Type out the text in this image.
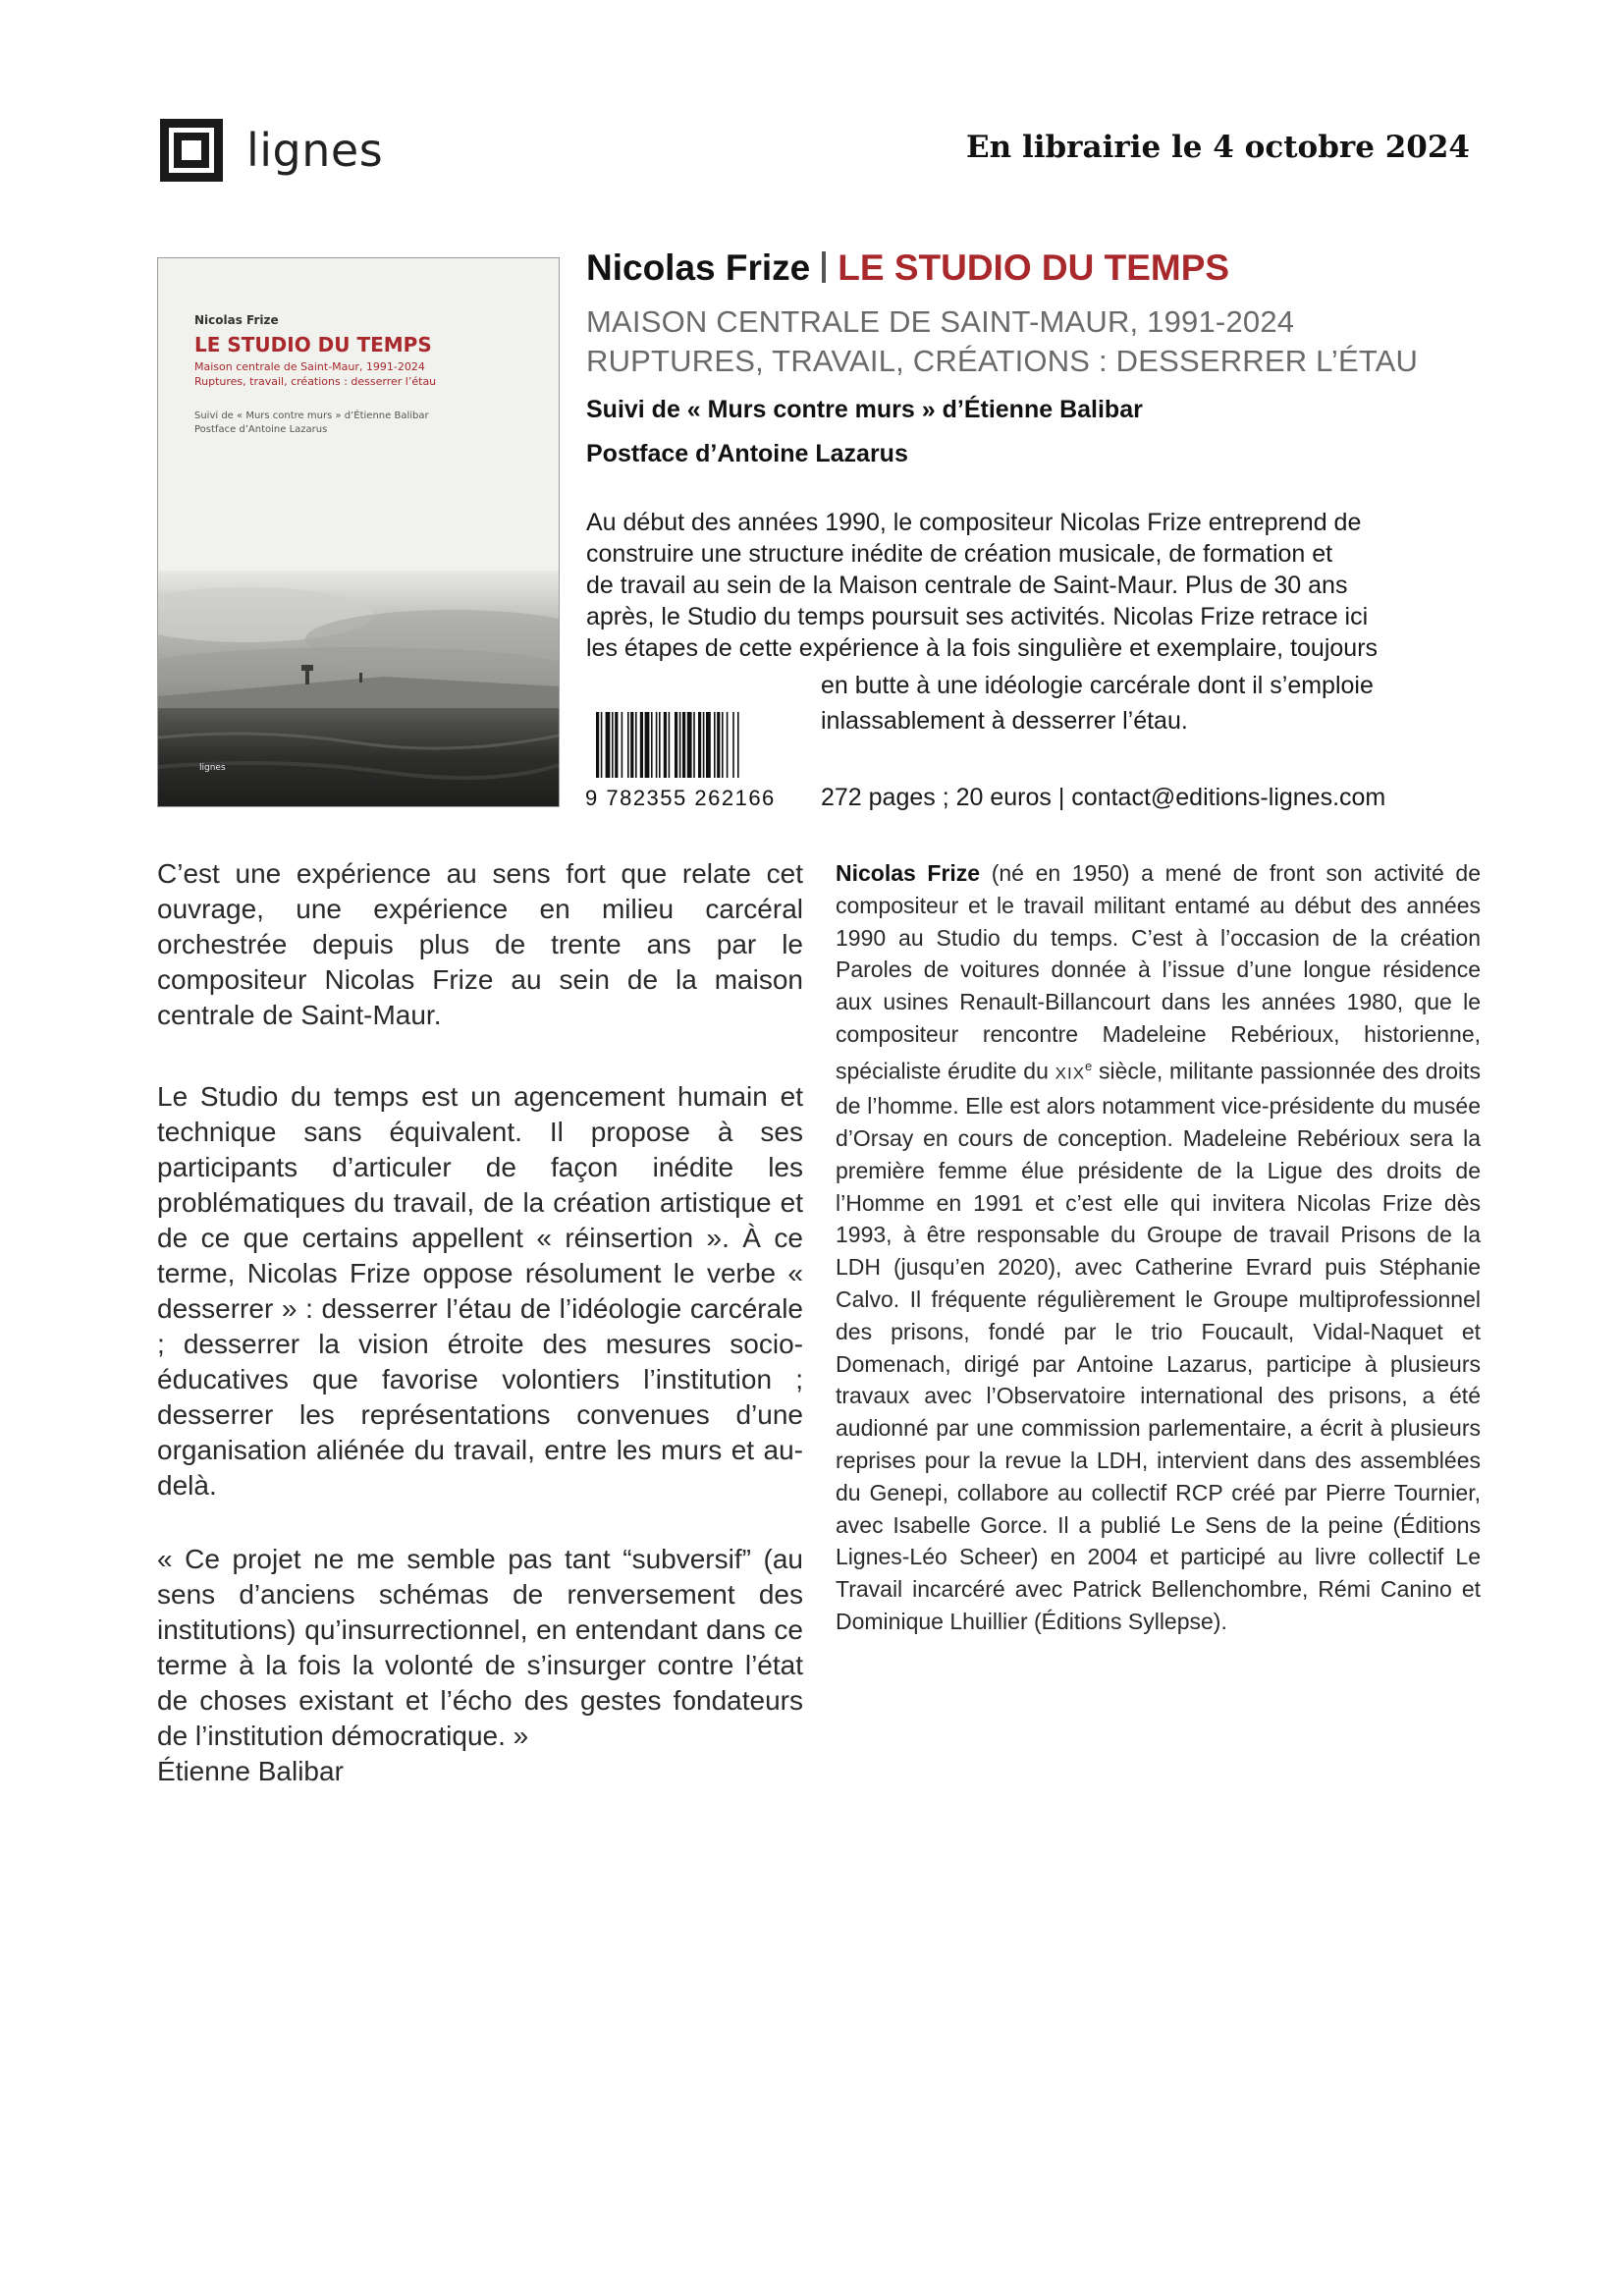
lignes	En librairie le 4 octobre 2024
Nicolas Frize
LE STUDIO DU TEMPS
Maison centrale de Saint-Maur, 1991-2024
Ruptures, travail, créations : desserrer l’étau
Suivi de « Murs contre murs » d’Étienne Balibar
Postface d’Antoine Lazarus
lignes
Nicolas Frize LE STUDIO DU TEMPS
MAISON CENTRALE DE SAINT-MAUR, 1991-2024
RUPTURES, TRAVAIL, CRÉATIONS : DESSERRER L’ÉTAU
Suivi de « Murs contre murs » d’Étienne Balibar
Postface d’Antoine Lazarus
Au début des années 1990, le compositeur Nicolas Frize entreprend de
construire une structure inédite de création musicale, de formation et
de travail au sein de la Maison centrale de Saint-Maur. Plus de 30 ans
après, le Studio du temps poursuit ses activités. Nicolas Frize retrace ici
les étapes de cette expérience à la fois singulière et exemplaire, toujours
en butte à une idéologie carcérale dont il s’emploie
inlassablement à desserrer l’étau.
9 782355 262166 272 pages ; 20 euros | contact@editions-lignes.com

C’est une expérience au sens fort que relate cet ouvrage, une expérience en milieu carcéral orchestrée depuis plus de trente ans par le compositeur Nicolas Frize au sein de la maison centrale de Saint-Maur.

Le Studio du temps est un agencement humain et technique sans équivalent. Il propose à ses participants d’articuler de façon inédite les problématiques du travail, de la création artistique et de ce que certains appellent « réinsertion ». À ce terme, Nicolas Frize oppose résolument le verbe « desserrer » : desserrer l’étau de l’idéologie carcérale ; desserrer la vision étroite des mesures socio-éducatives que favorise volontiers l’institution ; desserrer les représentations convenues d’une organisation aliénée du travail, entre les murs et au-delà.

« Ce projet ne me semble pas tant “subversif” (au sens d’anciens schémas de renversement des institutions) qu’insurrectionnel, en entendant dans ce terme à la fois la volonté de s’insurger contre l’état de choses existant et l’écho des gestes fondateurs de l’institution démocratique. »
Étienne Balibar

Nicolas Frize (né en 1950) a mené de front son activité de compositeur et le travail militant entamé au début des années 1990 au Studio du temps. C’est à l’occasion de la création Paroles de voitures donnée à l’issue d’une longue résidence aux usines Renault-Billancourt dans les années 1980, que le compositeur rencontre Madeleine Rebérioux, historienne, spécialiste érudite du XIXe siècle, militante passionnée des droits de l’homme. Elle est alors notamment vice-présidente du musée d’Orsay en cours de conception. Madeleine Rebérioux sera la première femme élue présidente de la Ligue des droits de l’Homme en 1991 et c’est elle qui invitera Nicolas Frize dès 1993, à être responsable du Groupe de travail Prisons de la LDH (jusqu’en 2020), avec Catherine Evrard puis Stéphanie Calvo. Il fréquente régulièrement le Groupe multiprofessionnel des prisons, fondé par le trio Foucault, Vidal-Naquet et Domenach, dirigé par Antoine Lazarus, participe à plusieurs travaux avec l’Observatoire international des prisons, a été audionné par une commission parlementaire, a écrit à plusieurs reprises pour la revue la LDH, intervient dans des assemblées du Genepi, collabore au collectif RCP créé par Pierre Tournier, avec Isabelle Gorce. Il a publié Le Sens de la peine (Éditions Lignes-Léo Scheer) en 2004 et participé au livre collectif Le Travail incarcéré avec Patrick Bellenchombre, Rémi Canino et Dominique Lhuillier (Éditions Syllepse).
